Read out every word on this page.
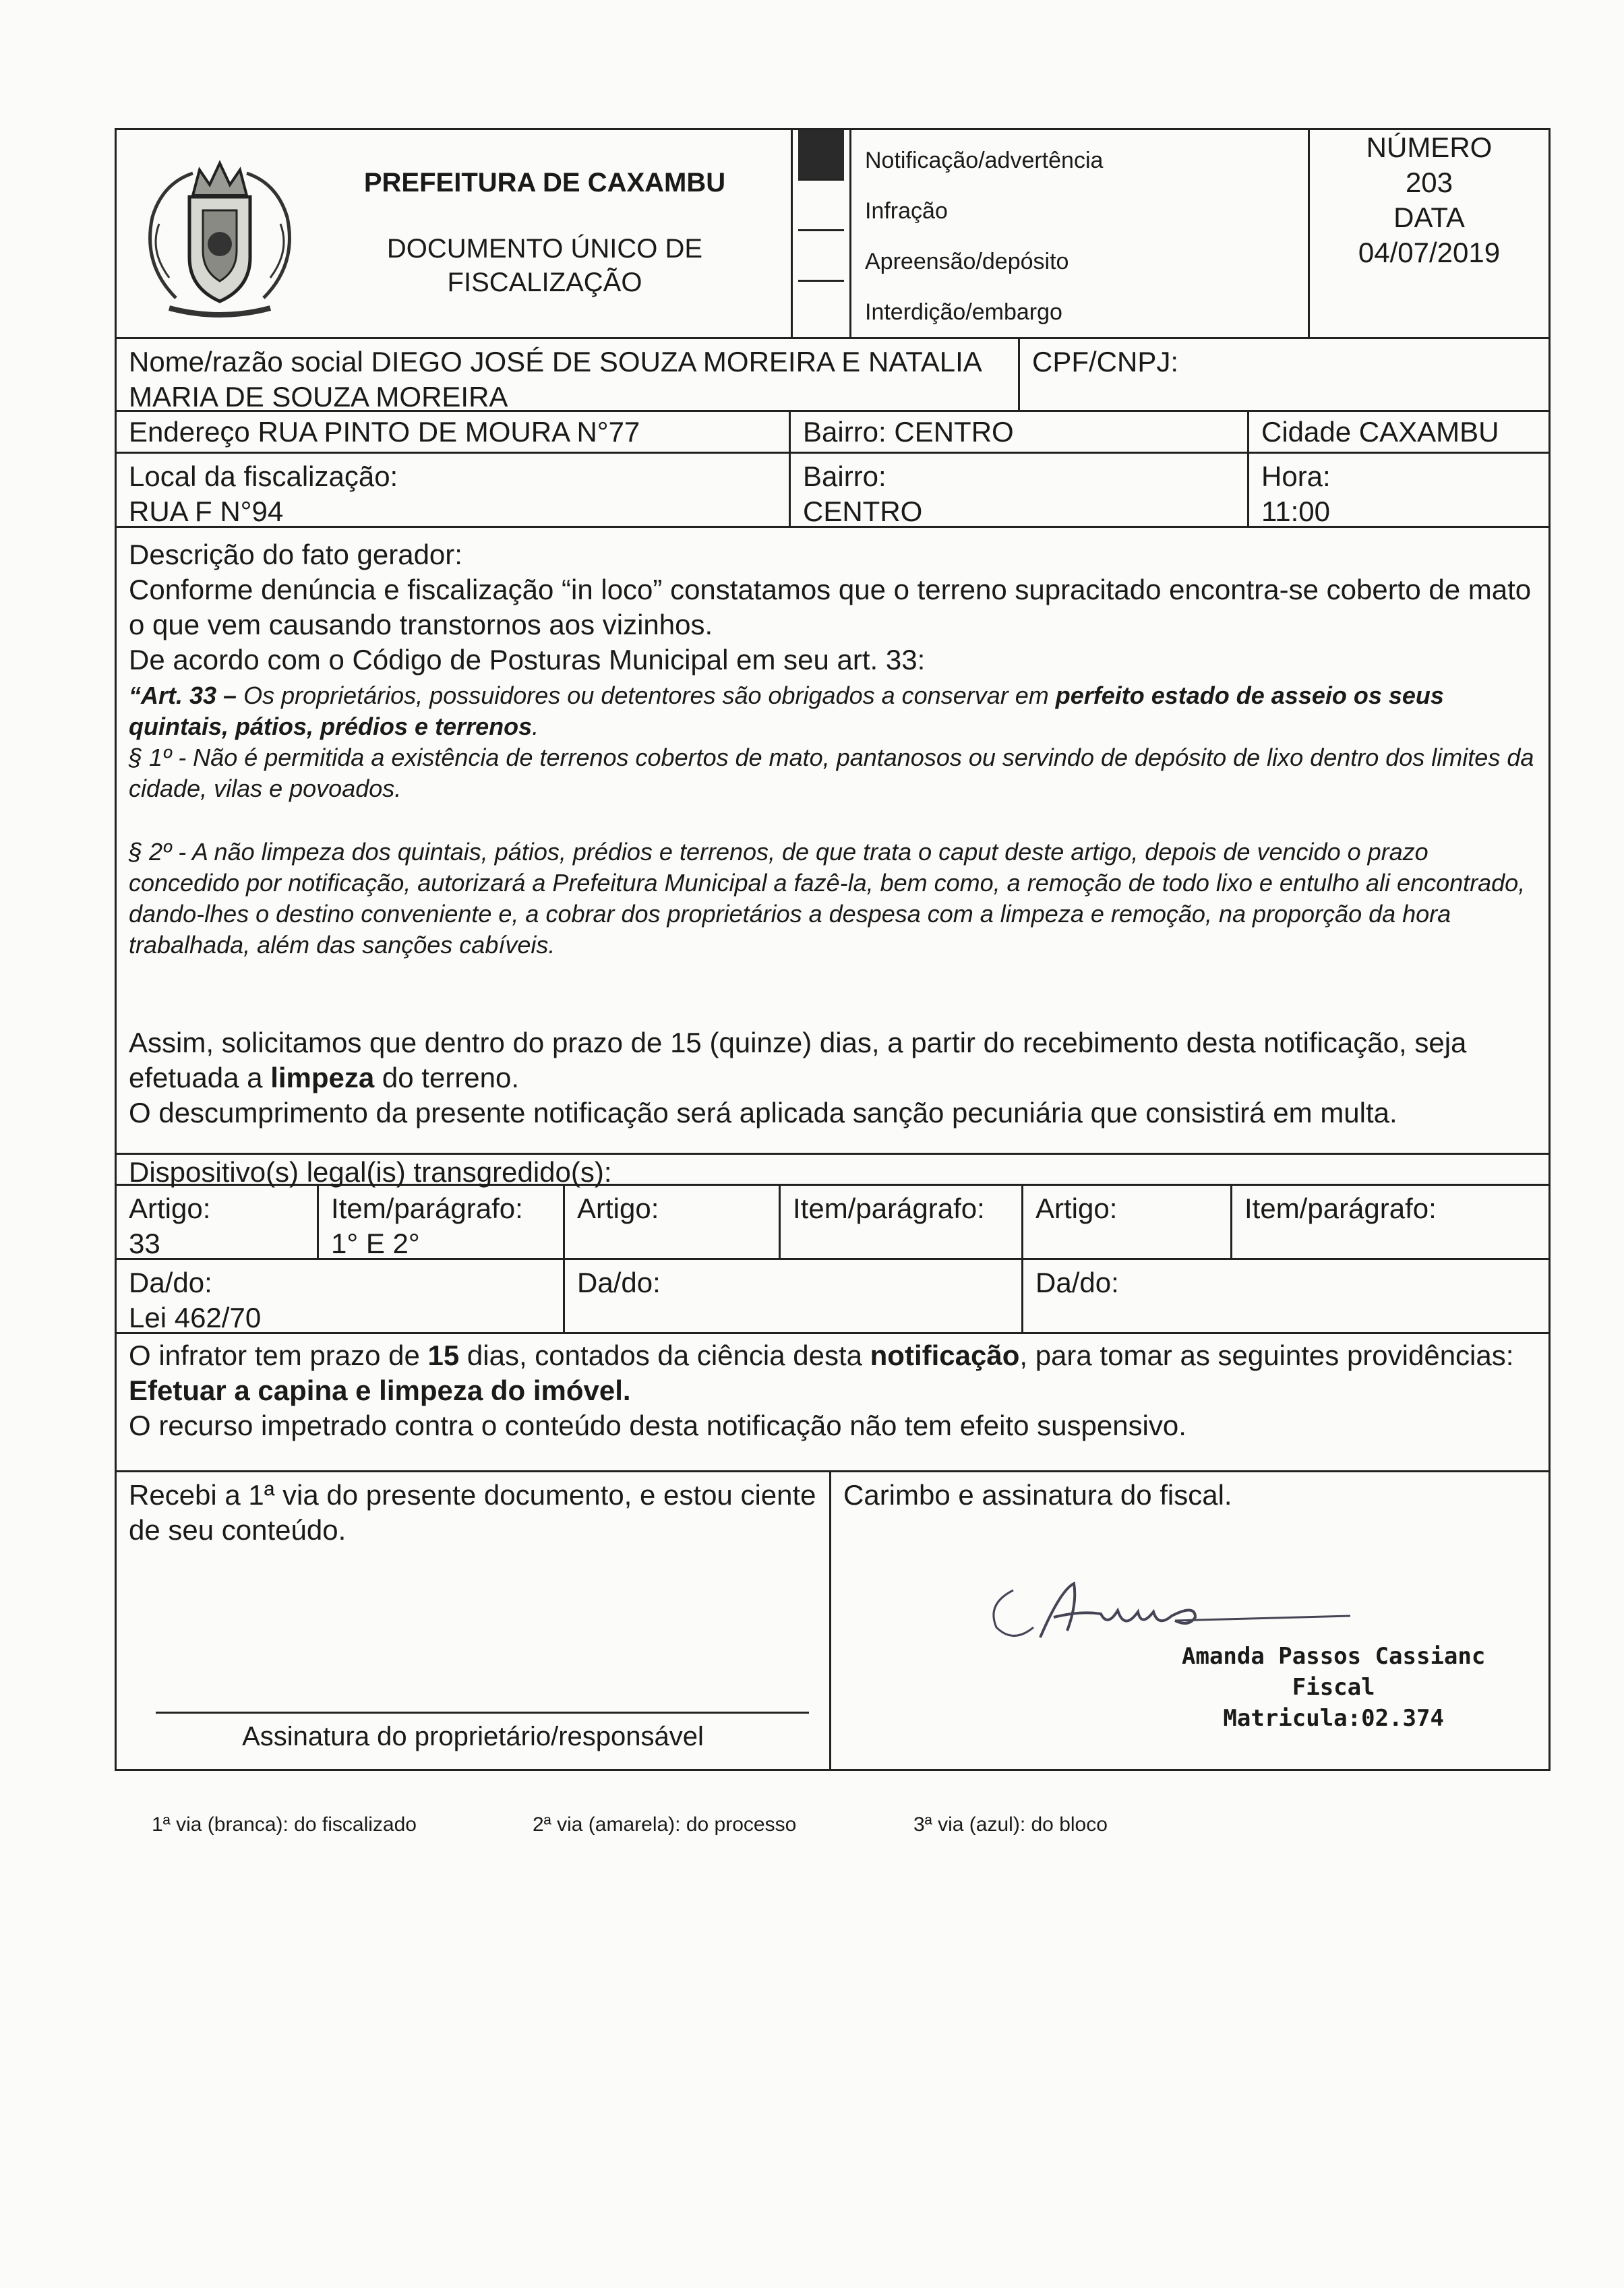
PREFEITURA DE CAXAMBU
DOCUMENTO ÚNICO DE FISCALIZAÇÃO
Notificação/advertência
Infração
Apreensão/depósito
Interdição/embargo
NÚMERO
203
DATA
04/07/2019
Nome/razão social DIEGO JOSÉ DE SOUZA MOREIRA E NATALIA MARIA DE SOUZA MOREIRA
CPF/CNPJ:
Endereço RUA PINTO DE MOURA N°77	Bairro: CENTRO	Cidade CAXAMBU
Local da fiscalização:
RUA F N°94
Bairro:
CENTRO
Hora:
11:00
Descrição do fato gerador:
Conforme denúncia e fiscalização “in loco” constatamos que o terreno supracitado encontra-se coberto de mato o que vem causando transtornos aos vizinhos.
De acordo com o Código de Posturas Municipal em seu art. 33:
“Art. 33 – Os proprietários, possuidores ou detentores são obrigados a conservar em perfeito estado de asseio os seus quintais, pátios, prédios e terrenos.
§ 1º - Não é permitida a existência de terrenos cobertos de mato, pantanosos ou servindo de depósito de lixo dentro dos limites da cidade, vilas e povoados.
§ 2º - A não limpeza dos quintais, pátios, prédios e terrenos, de que trata o caput deste artigo, depois de vencido o prazo concedido por notificação, autorizará a Prefeitura Municipal a fazê-la, bem como, a remoção de todo lixo e entulho ali encontrado, dando-lhes o destino conveniente e, a cobrar dos proprietários a despesa com a limpeza e remoção, na proporção da hora trabalhada, além das sanções cabíveis.
Assim, solicitamos que dentro do prazo de 15 (quinze) dias, a partir do recebimento desta notificação, seja efetuada a limpeza do terreno.
O descumprimento da presente notificação será aplicada sanção pecuniária que consistirá em multa.
Dispositivo(s) legal(is) transgredido(s):
Artigo:
33
Item/parágrafo:
1° E 2°
Artigo:	Item/parágrafo:	Artigo:	Item/parágrafo:
Da/do:
Lei 462/70
Da/do:	Da/do:
O infrator tem prazo de 15 dias, contados da ciência desta notificação, para tomar as seguintes providências:
Efetuar a capina e limpeza do imóvel.
O recurso impetrado contra o conteúdo desta notificação não tem efeito suspensivo.
Recebi a 1ª via do presente documento, e estou ciente de seu conteúdo.
Assinatura do proprietário/responsável
Carimbo e assinatura do fiscal.
Amanda Passos Cassianc
Fiscal
Matricula:02.374
1ª via (branca): do fiscalizado	2ª via (amarela): do processo	3ª via (azul): do bloco
